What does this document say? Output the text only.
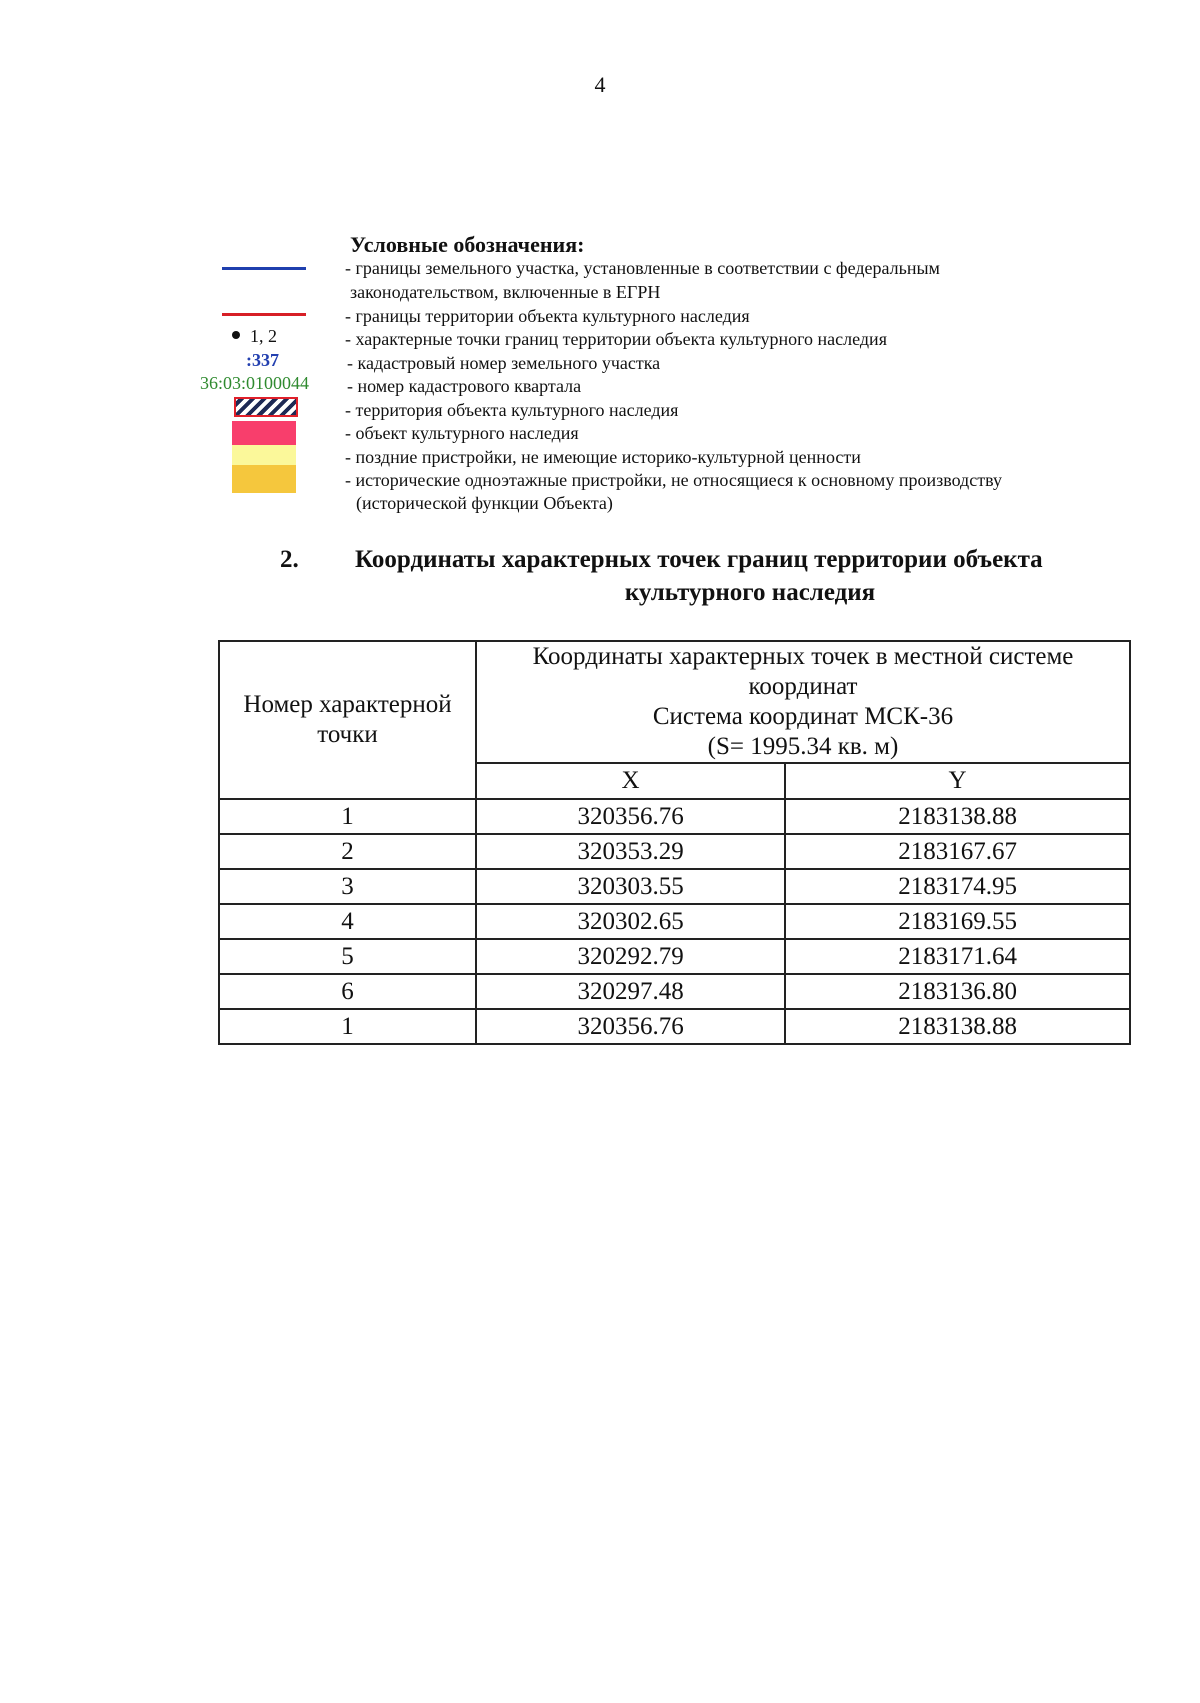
4
Условные обозначения:
1, 2
:337
36:03:0100044
- границы земельного участка, установленные в соответствии с федеральным
законодательством, включенные в ЕГРН
- границы территории объекта культурного наследия
- характерные точки границ территории объекта культурного наследия
- кадастровый номер земельного участка
- номер кадастрового квартала
- территория объекта культурного наследия
- объект культурного наследия
- поздние пристройки, не имеющие историко-культурной ценности
- исторические одноэтажные пристройки, не относящиеся к основному производству
(исторической функции Объекта)
2. Координаты характерных точек границ территории объекта
культурного наследия
Номер характерной точки	Координаты характерных точек в местной системе координат
Система координат МСК-36
(S= 1995.34 кв. м)	

	X	Y
1	320356.76	2183138.88
2	320353.29	2183167.67
3	320303.55	2183174.95
4	320302.65	2183169.55
5	320292.79	2183171.64
6	320297.48	2183136.80
1	320356.76	2183138.88
